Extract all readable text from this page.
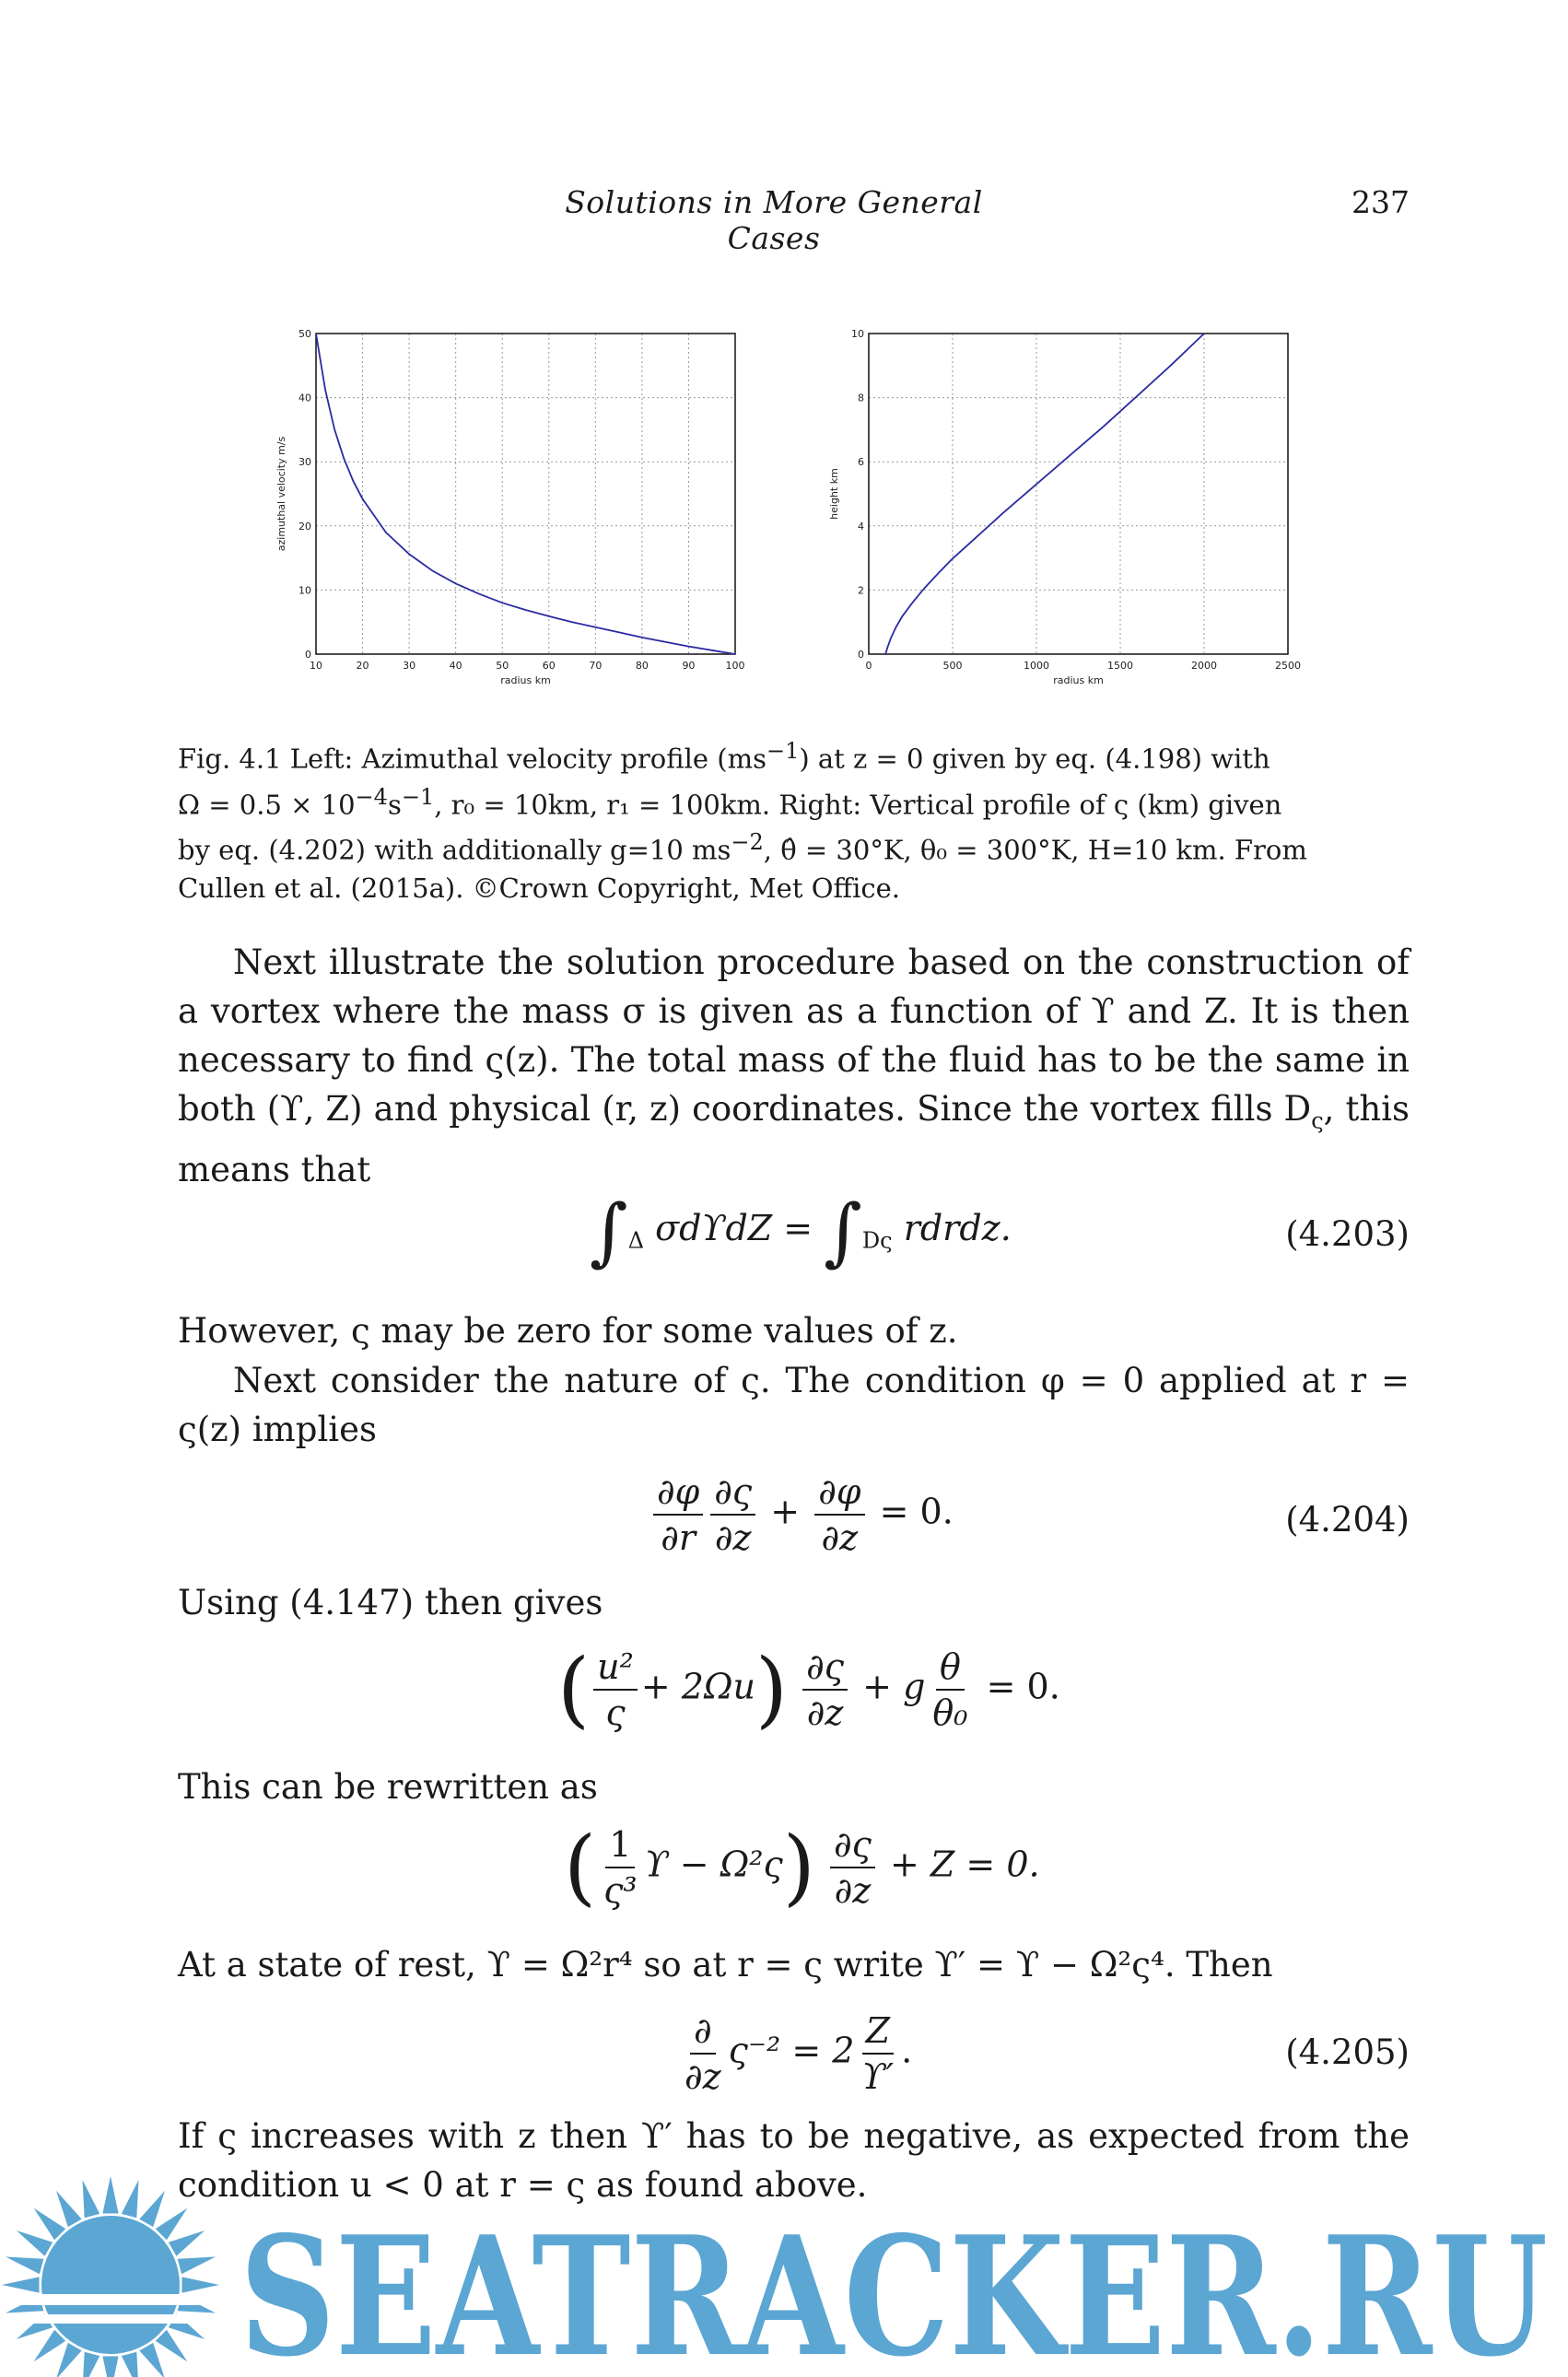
Solutions in More General Cases
237
10	20	30	40	50	60	70	80	90	100
0
10
20
30
40
50
radius km
azimuthal velocity m/s
0	500	1000	1500	2000	2500
0
2
4
6
8
10
radius km
height km
Fig. 4.1 Left: Azimuthal velocity profile $(ms^{-1})$ at z = 0 given by eq. (4.198) with
$\Omega = 0.5 \times 10^{-4}s^{-1}$, r₀ = 10km, r₁ = 100km. Right: Vertical profile of ς (km) given
by eq. (4.202) with additionally g=10 $ms^{-2}$, θ̂ = 30°K, θ₀ = 300°K, H=10 km. From
Cullen et al. (2015a). ©Crown Copyright, Met Office.
Next illustrate the solution procedure based on the construction of a vortex where the mass σ is given as a function of ϒ and Z. It is then necessary to find ς(z). The total mass of the fluid has to be the same in both (ϒ, Z) and physical (r, z) coordinates. Since the vortex fills $D_\varsigma$, this means that
$\int_\Delta$ $\sigma dϒdZ = \int_{D\varsigma}$ rdrdz.	(4.203)
However, ς may be zero for some values of z.
Next consider the nature of ς. The condition φ = 0 applied at r = ς(z) implies
$\frac{\partial\varphi}{\partial r} \frac{\partial\varsigma}{\partial z} + \frac{\partial\varphi}{\partial z} = 0$.	(4.204)
Using (4.147) then gives
( $\frac{\text{u²}}{\varsigma} + 2\Omega u) \frac{\partial\varsigma}{\partial z} + g \frac{\theta}{\text{θ₀}} = 0$.
This can be rewritten as
( $\frac{1}{\text{ς³}}$ $ϒ - \Omega^2\varsigma) \frac{\partial\varsigma}{\partial z} + Z = 0$.
At a state of rest, ϒ = Ω²r⁴ so at r = ς write ϒ′ = ϒ − Ω²ς⁴. Then
$\frac{\partial}{\partial z} \varsigma^{-2} = 2 \frac{Z}{ϒ'}$ .	(4.205)
If ς increases with z then ϒ′ has to be negative, as expected from the condition u < 0 at r = ς as found above.
SEATRACKER.RU
